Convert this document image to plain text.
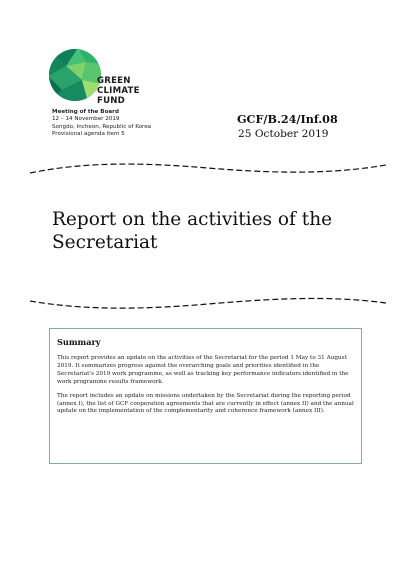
GREEN
CLIMATE
FUND
Meeting of the Board
12 – 14 November 2019
Songdo, Incheon, Republic of Korea
Provisional agenda item 5
GCF/B.24/Inf.08
25 October 2019
Report on the activities of the
Secretariat
Summary

This report provides an update on the activities of the Secretariat for the period 1 May to 31 August 2019. It summarizes progress against the overarching goals and priorities identified in the Secretariat's 2019 work programme, as well as tracking key performance indicators identified in the work programme results framework.

The report includes an update on missions undertaken by the Secretariat during the reporting period (annex I), the list of GCF cooperation agreements that are currently in effect (annex II) and the annual update on the implementation of the complementarity and coherence framework (annex III).
